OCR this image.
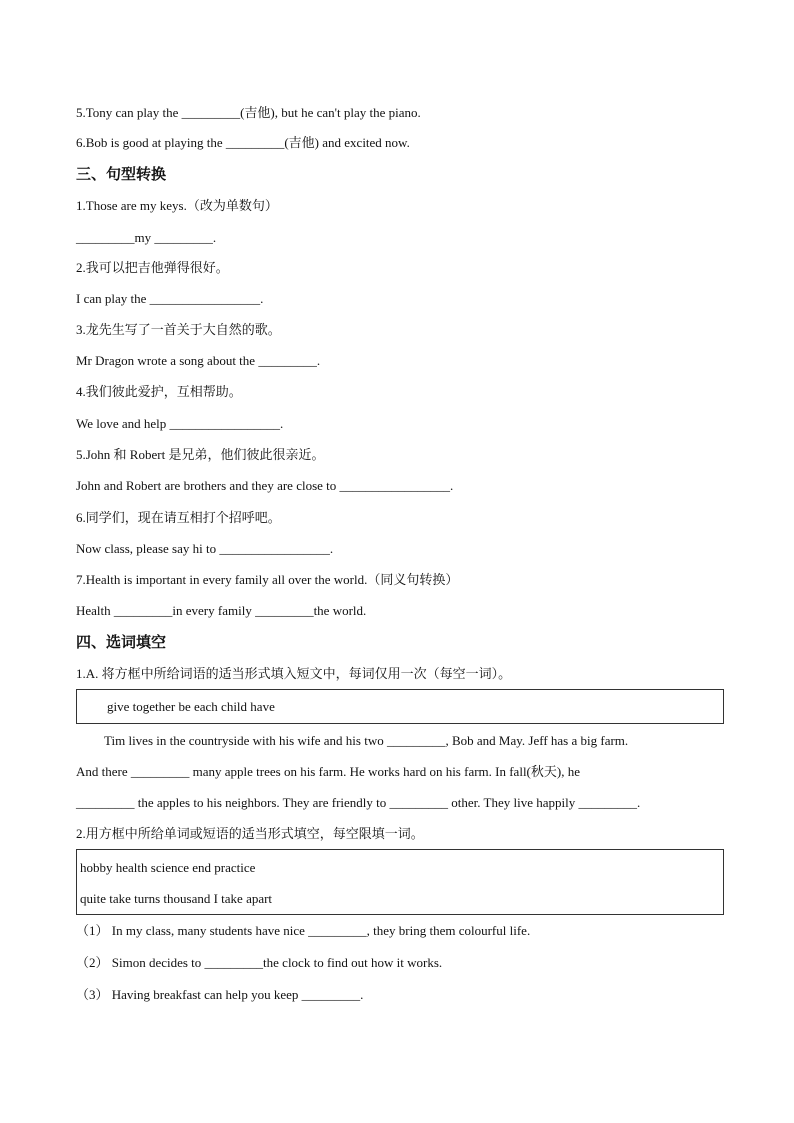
5.Tony can play the _________(吉他), but he can't play the piano.
6.Bob is good at playing the _________(吉他) and excited now.
三、句型转换
1.Those are my keys.（改为单数句）
_________my _________.
2.我可以把吉他弹得很好。
I can play the _________________.
3.龙先生写了一首关于大自然的歌。
Mr Dragon wrote a song about the _________.
4.我们彼此爱护，互相帮助。
We love and help _________________.
5.John 和 Robert 是兄弟，他们彼此很亲近。
John and Robert are brothers and they are close to _________________.
6.同学们，现在请互相打个招呼吧。
Now class, please say hi to _________________.
7.Health is important in every family all over the world.（同义句转换）
Health _________in every family _________the world.
四、选词填空
1.A. 将方框中所给词语的适当形式填入短文中，每词仅用一次（每空一词）。
give together be each child have
Tim lives in the countryside with his wife and his two _________, Bob and May. Jeff has a big farm.
And there _________ many apple trees on his farm. He works hard on his farm. In fall(秋天), he
_________ the apples to his neighbors. They are friendly to _________ other. They live happily _________.
2.用方框中所给单词或短语的适当形式填空，每空限填一词。
hobby health science end practice
quite take turns thousand I take apart
（1） In my class, many students have nice _________, they bring them colourful life.
（2） Simon decides to _________the clock to find out how it works.
（3） Having breakfast can help you keep _________.
